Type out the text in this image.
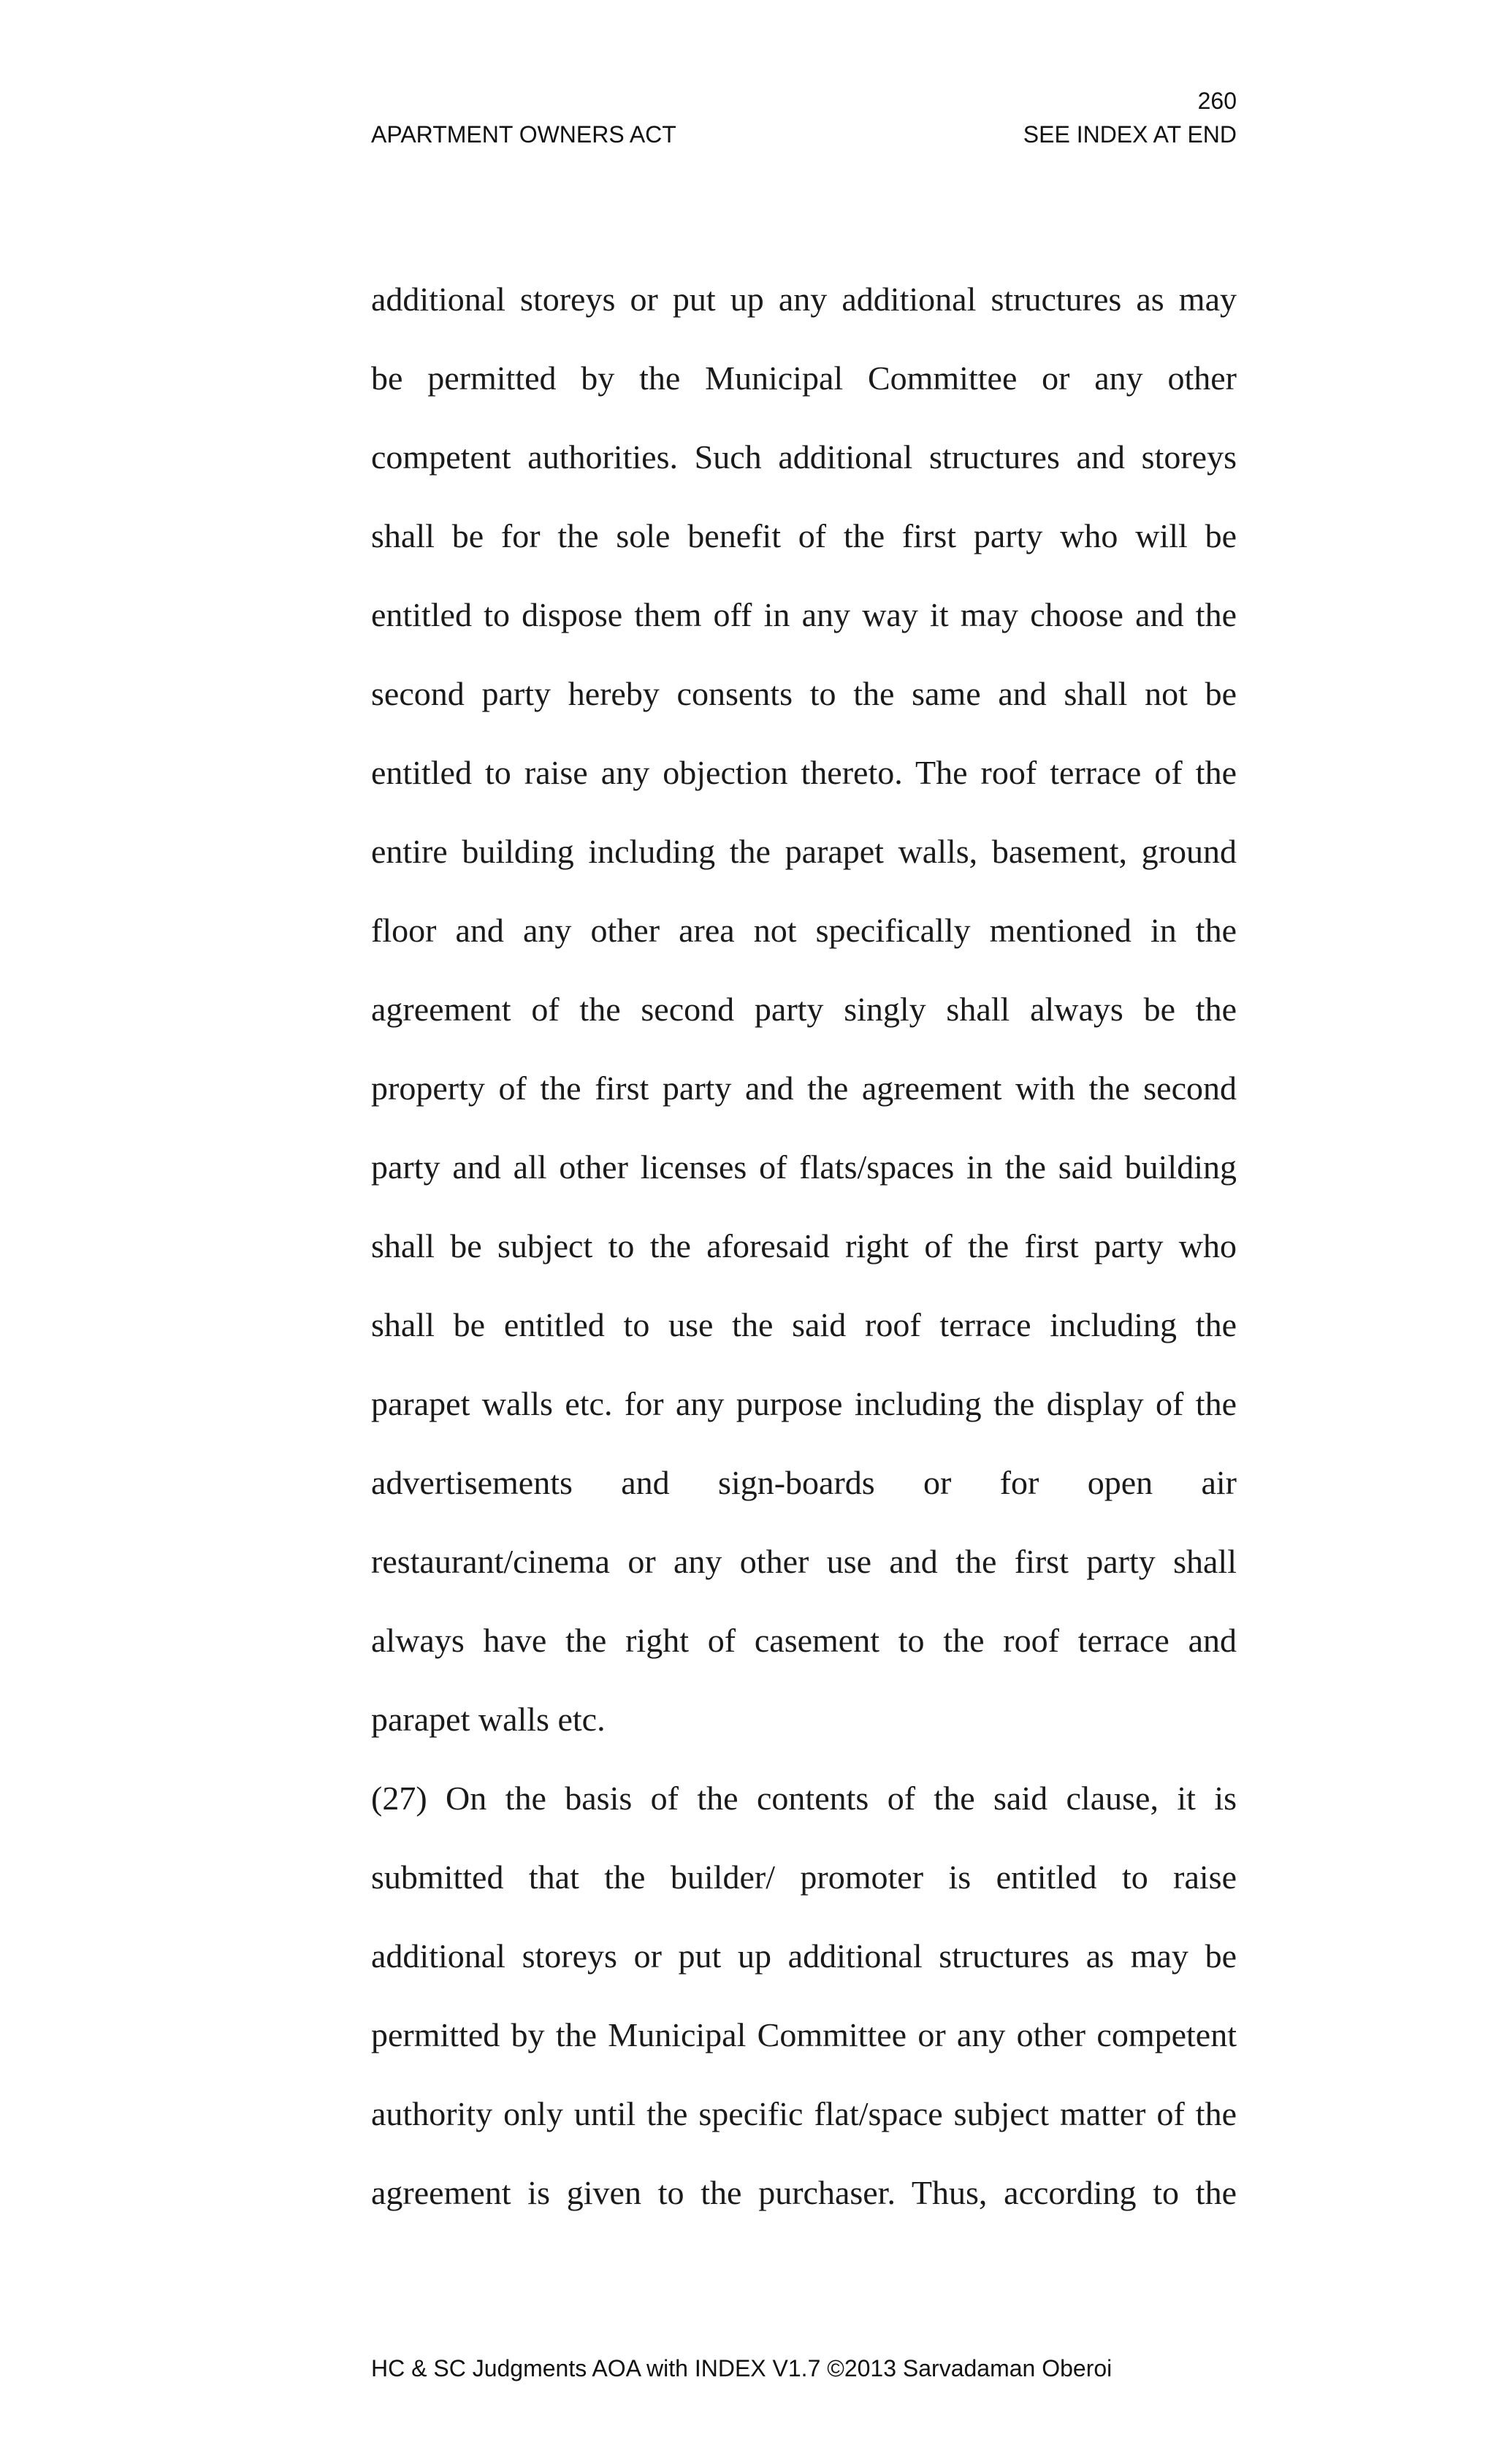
260
APARTMENT OWNERS ACT	SEE INDEX AT END
additional storeys or put up any additional structures as may
be permitted by the Municipal Committee or any other
competent authorities. Such additional structures and storeys
shall be for the sole benefit of the first party who will be
entitled to dispose them off in any way it may choose and the
second party hereby consents to the same and shall not be
entitled to raise any objection thereto. The roof terrace of the
entire building including the parapet walls, basement, ground
floor and any other area not specifically mentioned in the
agreement of the second party singly shall always be the
property of the first party and the agreement with the second
party and all other licenses of flats/spaces in the said building
shall be subject to the aforesaid right of the first party who
shall be entitled to use the said roof terrace including the
parapet walls etc. for any purpose including the display of the
advertisements and sign-boards or for open air
restaurant/cinema or any other use and the first party shall
always have the right of casement to the roof terrace and
parapet walls etc.
(27) On the basis of the contents of the said clause, it is
submitted that the builder/ promoter is entitled to raise
additional storeys or put up additional structures as may be
permitted by the Municipal Committee or any other competent
authority only until the specific flat/space subject matter of the
agreement is given to the purchaser. Thus, according to the
HC & SC Judgments AOA with INDEX V1.7 ©2013 Sarvadaman Oberoi
